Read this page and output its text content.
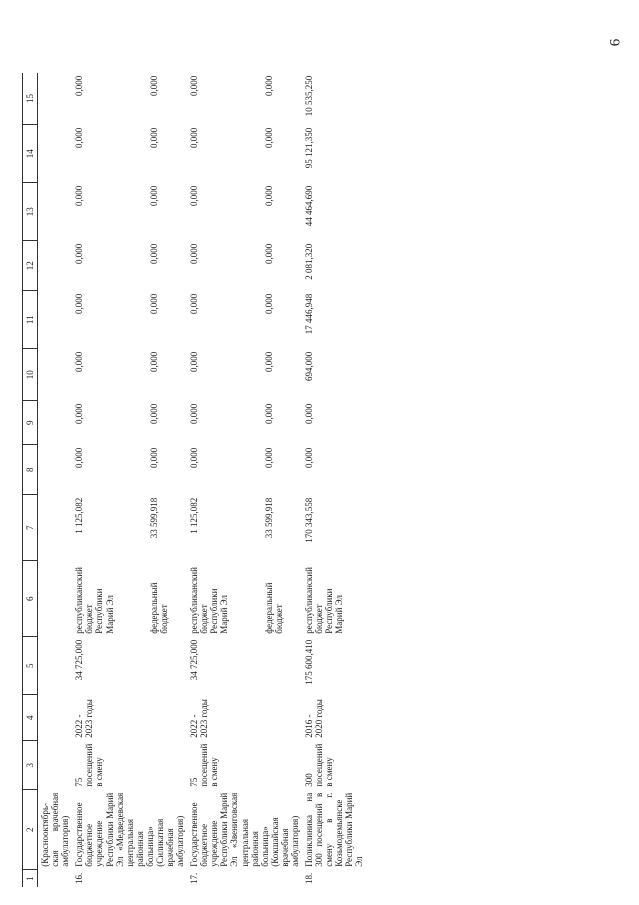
6
1	2	3	4	5	6	7	8	9	10	11	12	13	14	15
	(Краснооктябрь-ская врачебная амбулатория)													
16.	Государственное бюджетное учреждение Республики Марий Эл «Медведевская центральная районная больница» (Силикатная врачебная амбулатория)	75 посещений в смену	2022 - 2023 годы	34 725,000	республиканский бюджет Республики Марий Эл	1 125,082	0,000	0,000	0,000	0,000	0,000	0,000	0,000	0,000
					федеральный бюджет	33 599,918	0,000	0,000	0,000	0,000	0,000	0,000	0,000	0,000
17.	Государственное бюджетное учреждение Республики Марий Эл «Звениговская центральная районная больница» (Кокшайская врачебная амбулатория)	75 посещений в смену	2022 - 2023 годы	34 725,000	республиканский бюджет Республики Марий Эл	1 125,082	0,000	0,000	0,000	0,000	0,000	0,000	0,000	0,000
					федеральный бюджет	33 599,918	0,000	0,000	0,000	0,000	0,000	0,000	0,000	0,000
18.	Поликлиника на 300 посещений в смену в г. Козьмодемьянске Республики Марий Эл	300 посещений в смену	2016 - 2020 годы	175 600,410	республиканский бюджет Республики Марий Эл	170 343,558	0,000	0,000	694,000	17 446,948	2 081,320	44 464,690	95 121,350	10 535,250
